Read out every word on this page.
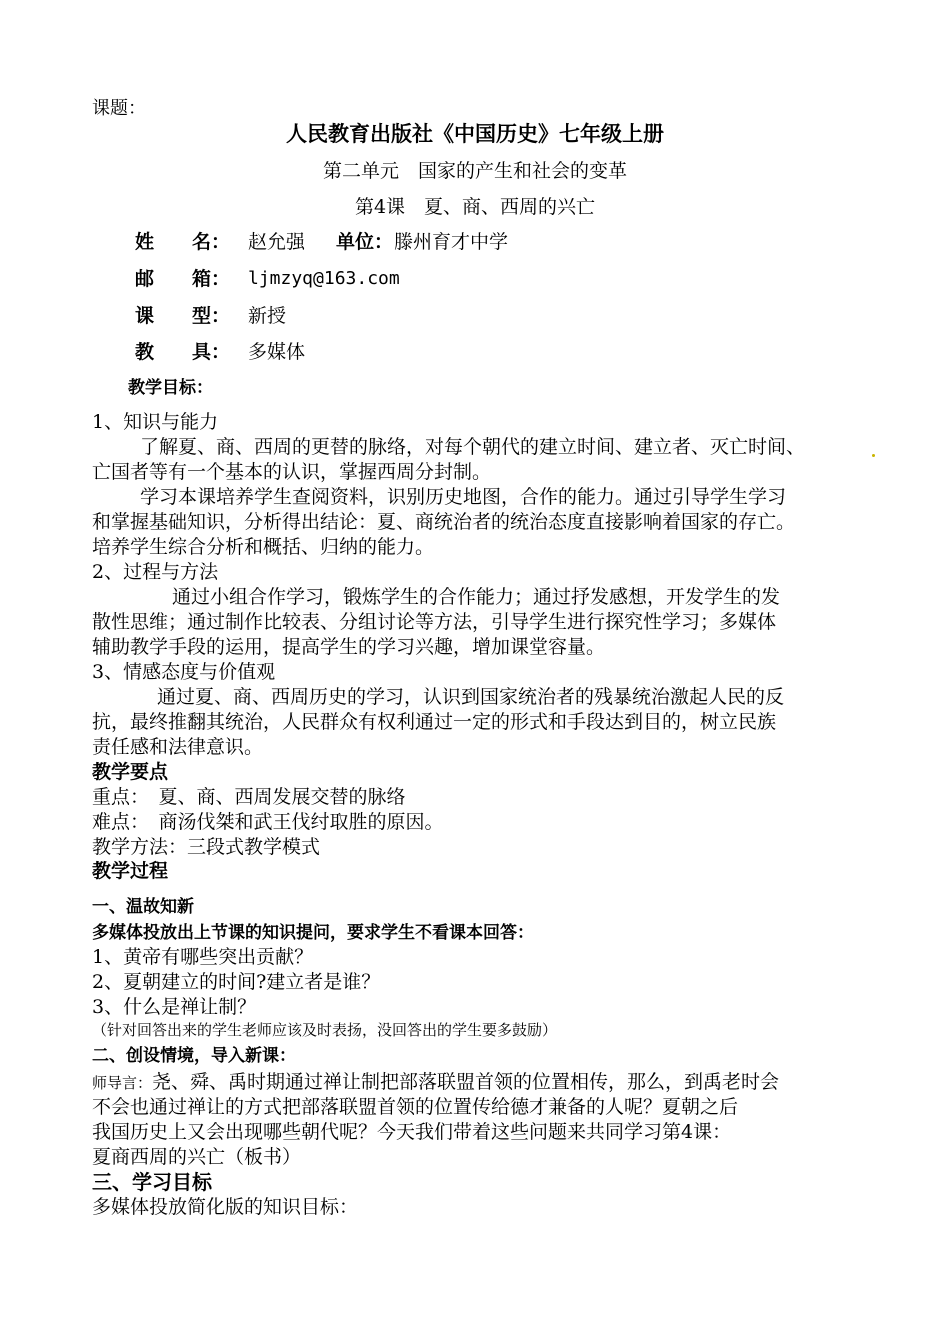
课题：
人民教育出版社《中国历史》七年级上册
第二单元　国家的产生和社会的变革
第4课　夏、商、西周的兴亡
姓　　名： 赵允强 单位： 滕州育才中学
邮　　箱： ljmzyq@163.com
课　　型： 新授
教　　具： 多媒体
教学目标：
1、知识与能力
了解夏、商、西周的更替的脉络，对每个朝代的建立时间、建立者、灭亡时间、
亡国者等有一个基本的认识，掌握西周分封制。
学习本课培养学生查阅资料，识别历史地图，合作的能力。通过引导学生学习
和掌握基础知识，分析得出结论：夏、商统治者的统治态度直接影响着国家的存亡。
培养学生综合分析和概括、归纳的能力。
2、过程与方法
通过小组合作学习，锻炼学生的合作能力；通过抒发感想，开发学生的发
散性思维；通过制作比较表、分组讨论等方法，引导学生进行探究性学习；多媒体
辅助教学手段的运用，提高学生的学习兴趣，增加课堂容量。
3、情感态度与价值观
通过夏、商、西周历史的学习，认识到国家统治者的残暴统治激起人民的反
抗，最终推翻其统治，人民群众有权利通过一定的形式和手段达到目的，树立民族
责任感和法律意识。
教学要点
重点：　夏、商、西周发展交替的脉络
难点：　商汤伐桀和武王伐纣取胜的原因。
教学方法：三段式教学模式
教学过程
一、温故知新
多媒体投放出上节课的知识提问，要求学生不看课本回答：
1、黄帝有哪些突出贡献？
2、夏朝建立的时间?建立者是谁？
3、什么是禅让制？
（针对回答出来的学生老师应该及时表扬，没回答出的学生要多鼓励）
二、创设情境，导入新课：
师导言：尧、舜、禹时期通过禅让制把部落联盟首领的位置相传，那么，到禹老时会
不会也通过禅让的方式把部落联盟首领的位置传给德才兼备的人呢？夏朝之后
我国历史上又会出现哪些朝代呢？今天我们带着这些问题来共同学习第4课：
夏商西周的兴亡（板书）
三、学习目标
多媒体投放简化版的知识目标：
